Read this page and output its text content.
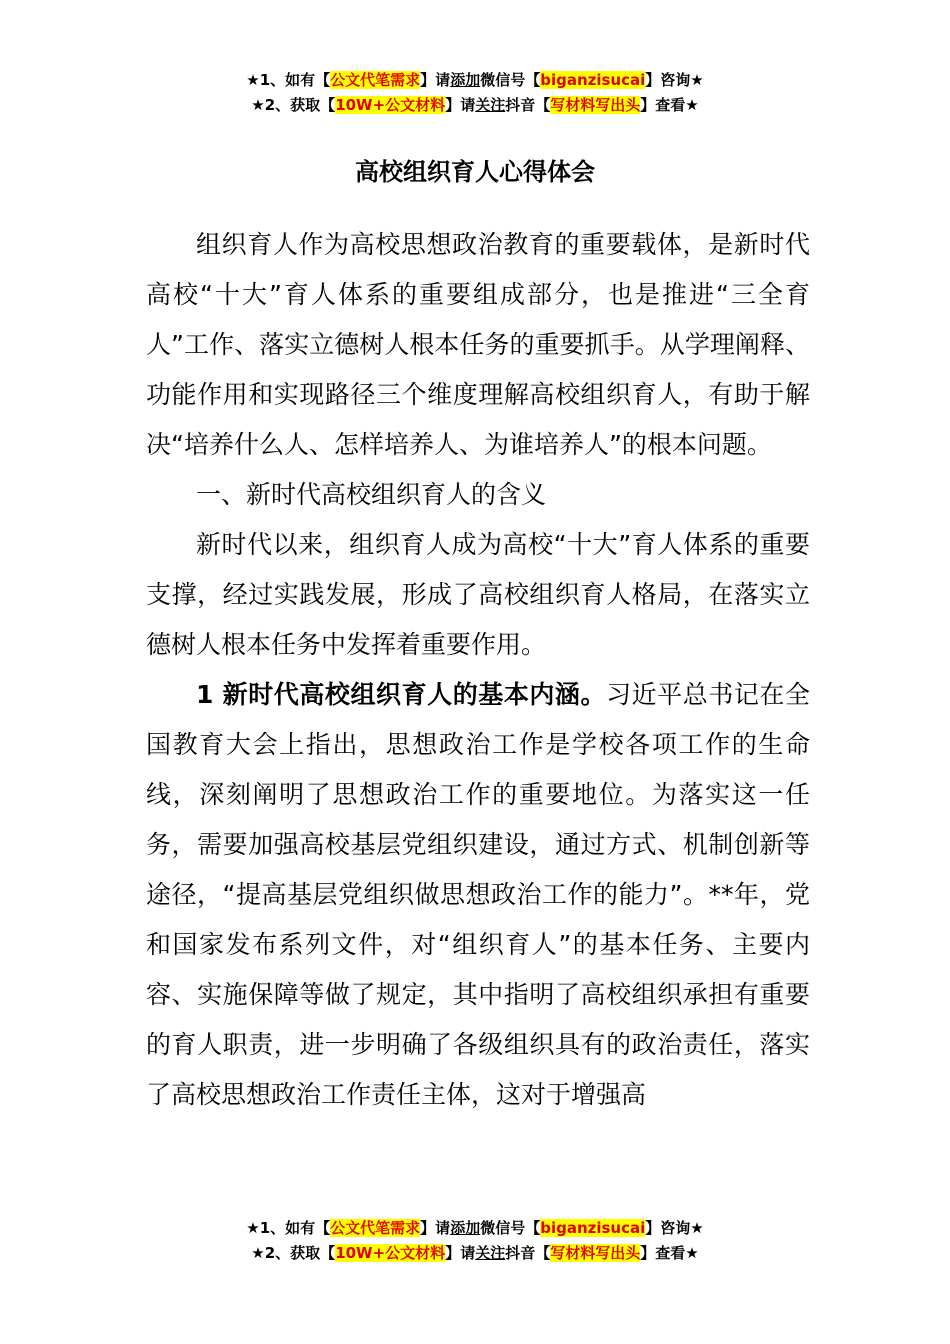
★1、如有【公文代笔需求】请添加微信号【biganzisucai】咨询★
★2、获取【10W+公文材料】请关注抖音【写材料写出头】查看★
高校组织育人心得体会

组织育人作为高校思想政治教育的重要载体，是新时代高校“十大”育人体系的重要组成部分，也是推进“三全育人”工作、落实立德树人根本任务的重要抓手。从学理阐释、功能作用和实现路径三个维度理解高校组织育人，有助于解决“培养什么人、怎样培养人、为谁培养人”的根本问题。

一、新时代高校组织育人的含义

新时代以来，组织育人成为高校“十大”育人体系的重要支撑，经过实践发展，形成了高校组织育人格局，在落实立德树人根本任务中发挥着重要作用。

1 新时代高校组织育人的基本内涵。习近平总书记在全国教育大会上指出，思想政治工作是学校各项工作的生命线，深刻阐明了思想政治工作的重要地位。为落实这一任务，需要加强高校基层党组织建设，通过方式、机制创新等途径，“提高基层党组织做思想政治工作的能力”。**年，党和国家发布系列文件，对“组织育人”的基本任务、主要内容、实施保障等做了规定，其中指明了高校组织承担有重要的育人职责，进一步明确了各级组织具有的政治责任，落实了高校思想政治工作责任主体，这对于增强高

★1、如有【公文代笔需求】请添加微信号【biganzisucai】咨询★
★2、获取【10W+公文材料】请关注抖音【写材料写出头】查看★
